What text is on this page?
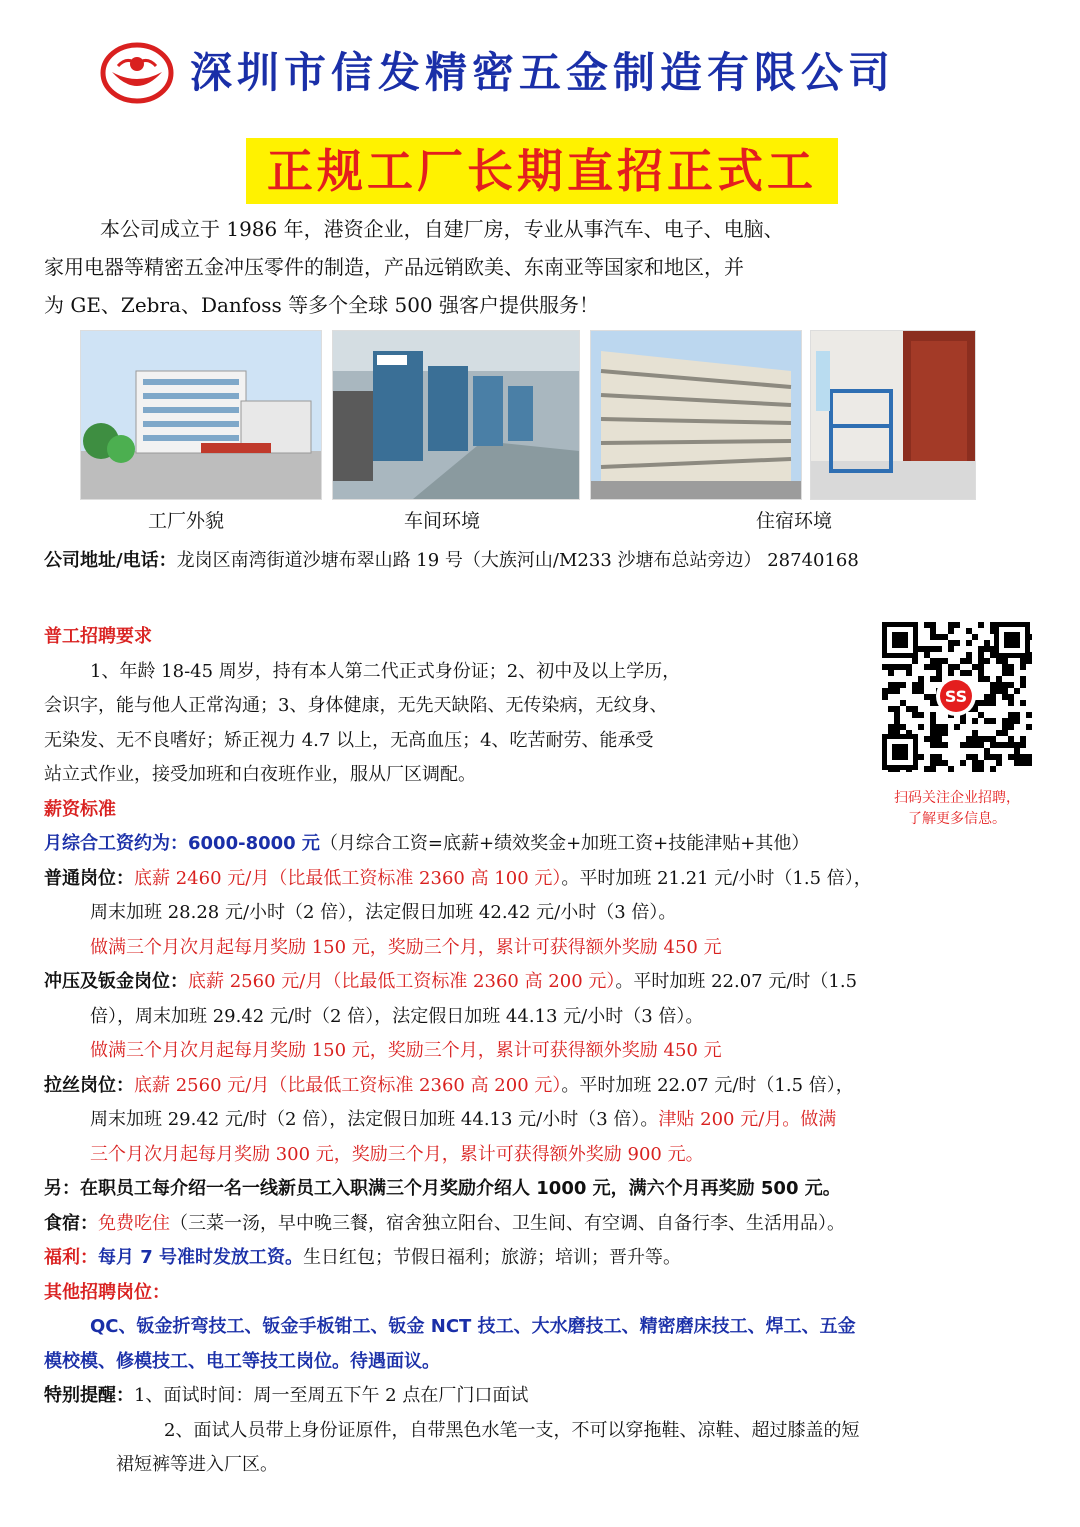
深圳市信发精密五金制造有限公司
正规工厂长期直招正式工
本公司成立于 1986 年，港资企业，自建厂房，专业从事汽车、电子、电脑、
家用电器等精密五金冲压零件的制造，产品远销欧美、东南亚等国家和地区，并
为 GE、Zebra、Danfoss 等多个全球 500 强客户提供服务！
工厂外貌	车间环境	住宿环境
公司地址/电话：龙岗区南湾街道沙塘布翠山路 19 号（大族河山/M233 沙塘布总站旁边） 28740168
SS
扫码关注企业招聘，
了解更多信息。

普工招聘要求

1、年龄 18-45 周岁，持有本人第二代正式身份证；2、初中及以上学历，

会识字，能与他人正常沟通；3、身体健康，无先天缺陷、无传染病，无纹身、

无染发、无不良嗜好；矫正视力 4.7 以上，无高血压；4、吃苦耐劳、能承受

站立式作业，接受加班和白夜班作业，服从厂区调配。

薪资标准

月综合工资约为：6000-8000 元（月综合工资=底薪+绩效奖金+加班工资+技能津贴+其他）

普通岗位：底薪 2460 元/月（比最低工资标准 2360 高 100 元）。平时加班 21.21 元/小时（1.5 倍），

周末加班 28.28 元/小时（2 倍），法定假日加班 42.42 元/小时（3 倍）。

做满三个月次月起每月奖励 150 元，奖励三个月，累计可获得额外奖励 450 元

冲压及钣金岗位：底薪 2560 元/月（比最低工资标准 2360 高 200 元）。平时加班 22.07 元/时（1.5

倍），周末加班 29.42 元/时（2 倍），法定假日加班 44.13 元/小时（3 倍）。

做满三个月次月起每月奖励 150 元，奖励三个月，累计可获得额外奖励 450 元

拉丝岗位：底薪 2560 元/月（比最低工资标准 2360 高 200 元）。平时加班 22.07 元/时（1.5 倍），

周末加班 29.42 元/时（2 倍），法定假日加班 44.13 元/小时（3 倍）。津贴 200 元/月。做满

三个月次月起每月奖励 300 元，奖励三个月，累计可获得额外奖励 900 元。

另：在职员工每介绍一名一线新员工入职满三个月奖励介绍人 1000 元，满六个月再奖励 500 元。

食宿：免费吃住（三菜一汤，早中晚三餐，宿舍独立阳台、卫生间、有空调、自备行李、生活用品）。

福利：每月 7 号准时发放工资。生日红包；节假日福利；旅游；培训；晋升等。

其他招聘岗位：

QC、钣金折弯技工、钣金手板钳工、钣金 NCT 技工、大水磨技工、精密磨床技工、焊工、五金

模校模、修模技工、电工等技工岗位。待遇面议。

特别提醒：1、面试时间：周一至周五下午 2 点在厂门口面试

2、面试人员带上身份证原件，自带黑色水笔一支，不可以穿拖鞋、凉鞋、超过膝盖的短

裙短裤等进入厂区。
